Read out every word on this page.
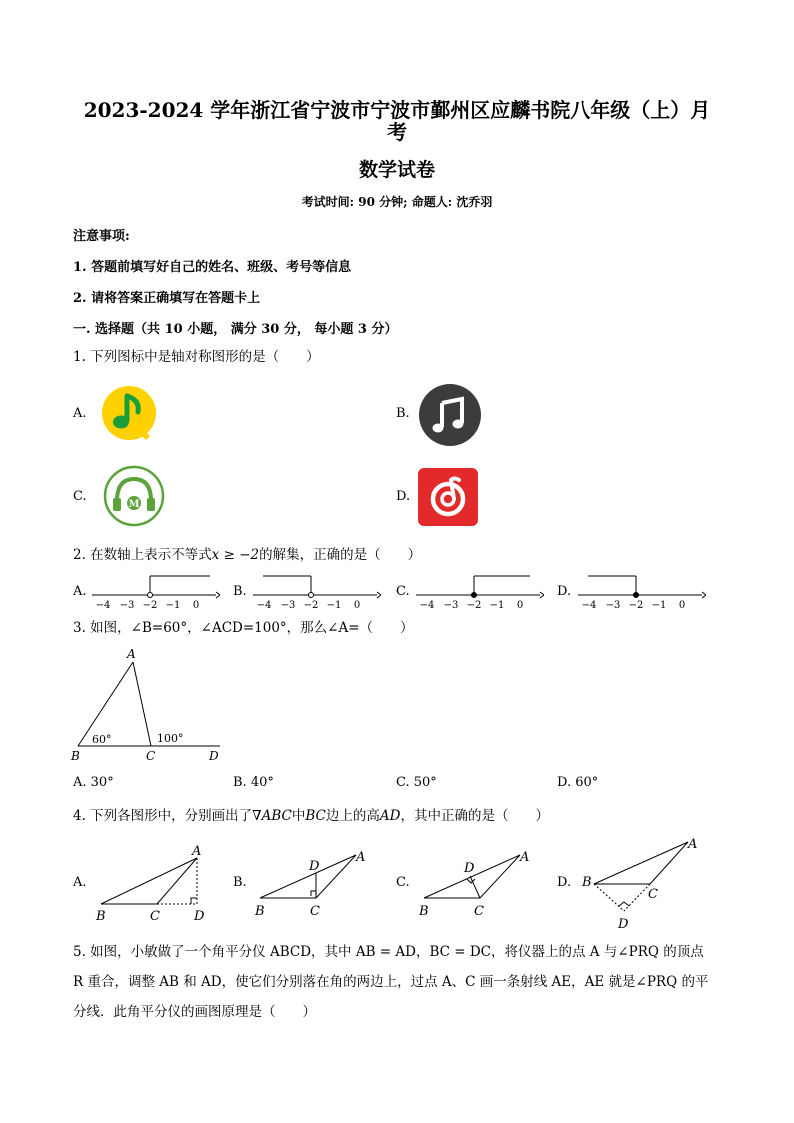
2023-2024 学年浙江省宁波市宁波市鄞州区应麟书院八年级（上）月
考
数学试卷
考试时间: 90 分钟; 命题人: 沈乔羽
注意事项:
1. 答题前填写好自己的姓名、班级、考号等信息
2. 请将答案正确填写在答题卡上
一. 选择题（共 10 小题， 满分 30 分， 每小题 3 分）
1. 下列图标中是轴对称图形的是（　　）
A.	B.
C.
M
D.
2. 在数轴上表示不等式x ≥ −2的解集，正确的是（　　）
A.
−4 −3 −2 −1 0
B.
−4 −3 −2 −1 0
C.
−4 −3 −2 −1 0
D.
−4 −3 −2 −1 0
3. 如图，∠B=60°，∠ACD=100°，那么∠A=（　　）
A
B	C	D
60°	100°
A. 30°	B. 40°	C. 50°	D. 60°
4. 下列各图形中，分别画出了∇ABC中BC边上的高AD，其中正确的是（　　）
A.
A
B	C	D
B.
A
B	C
D
C.
A
B	C
D
D.
A
B
C
D
5. 如图，小敏做了一个角平分仪 ABCD，其中 AB = AD，BC = DC，将仪器上的点 A 与∠PRQ 的顶点
R 重合，调整 AB 和 AD，使它们分别落在角的两边上，过点 A、C 画一条射线 AE，AE 就是∠PRQ 的平
分线．此角平分仪的画图原理是（　　）
